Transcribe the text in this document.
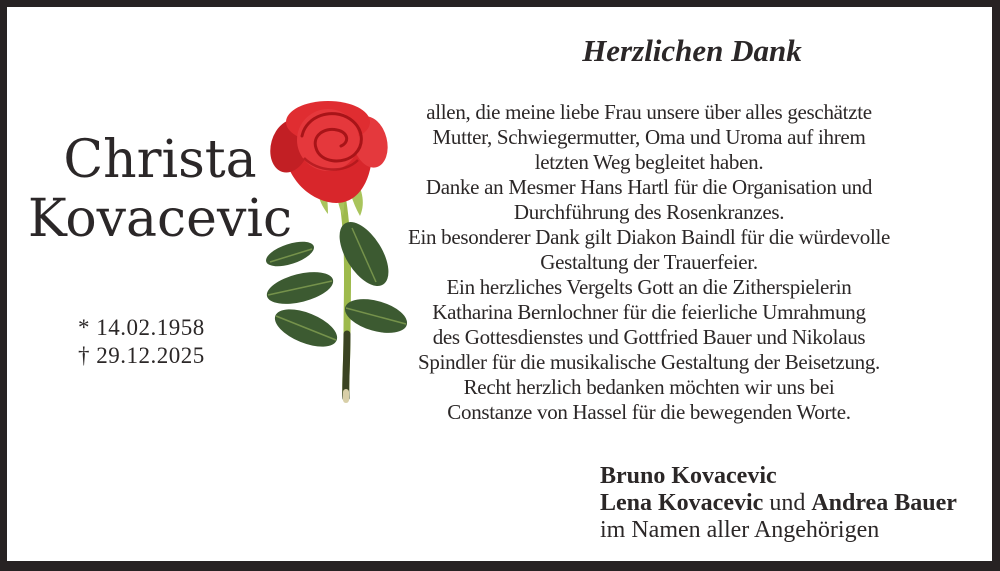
Christa
Kovacevic
* 14.02.1958
† 29.12.2025
Herzlichen Dank
allen, die meine liebe Frau unsere über alles geschätzte
Mutter, Schwiegermutter, Oma und Uroma auf ihrem
letzten Weg begleitet haben.
Danke an Mesmer Hans Hartl für die Organisation und
Durchführung des Rosenkranzes.
Ein besonderer Dank gilt Diakon Baindl für die würdevolle
Gestaltung der Trauerfeier.
Ein herzliches Vergelts Gott an die Zitherspielerin
Katharina Bernlochner für die feierliche Umrahmung
des Gottesdienstes und Gottfried Bauer und Nikolaus
Spindler für die musikalische Gestaltung der Beisetzung.
Recht herzlich bedanken möchten wir uns bei
Constanze von Hassel für die bewegenden Worte.
Bruno Kovacevic
Lena Kovacevic und Andrea Bauer
im Namen aller Angehörigen
